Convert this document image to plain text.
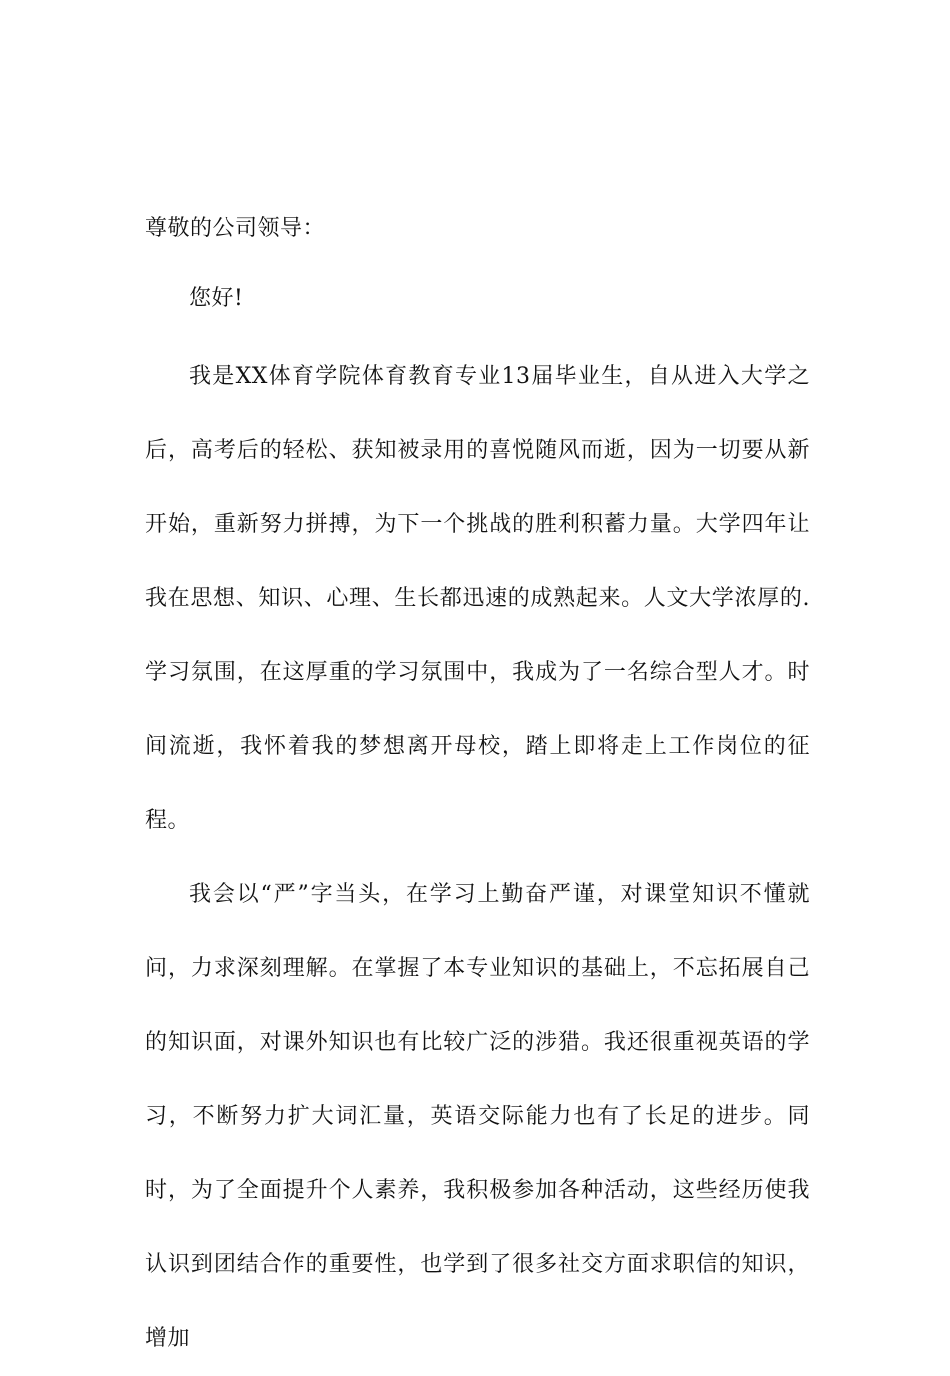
尊敬的公司领导：

您好!

我是XX体育学院体育教育专业13届毕业生，自从进入大学之后，高考后的轻松、获知被录用的喜悦随风而逝，因为一切要从新开始，重新努力拼搏，为下一个挑战的胜利积蓄力量。大学四年让我在思想、知识、心理、生长都迅速的成熟起来。人文大学浓厚的.学习氛围，在这厚重的学习氛围中，我成为了一名综合型人才。时间流逝，我怀着我的梦想离开母校，踏上即将走上工作岗位的征程。

我会以“严”字当头，在学习上勤奋严谨，对课堂知识不懂就问，力求深刻理解。在掌握了本专业知识的基础上，不忘拓展自己的知识面，对课外知识也有比较广泛的涉猎。我还很重视英语的学习，不断努力扩大词汇量，英语交际能力也有了长足的进步。同时，为了全面提升个人素养，我积极参加各种活动，这些经历使我认识到团结合作的重要性，也学到了很多社交方面求职信的知识，增加
